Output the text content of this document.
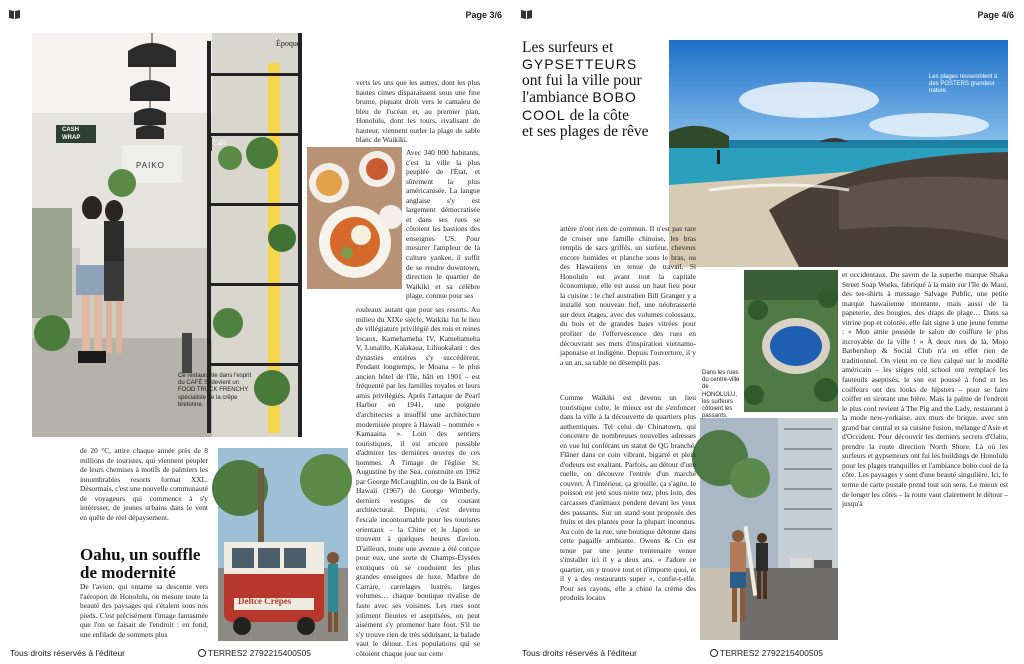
Page 3/6
CASH
WRAP
Café
PAIKO
Époque
Ce restaurante dans l'esprit du CAFÉ Sí devient un FOOD TRUCK FRENCHY spécialiste de la crêpe bretonne.
Deltce Crêpes

de 20 °C, attire chaque année près de 8 millions de touristes, qui viennent peupler de leurs chemises à motifs de palmiers les innombrables resorts format XXL. Désormais, c'est une nouvelle communauté de voyageurs qui commence à s'y intéresser, de jeunes urbains dans le vent en quête de réel dépaysement.

Oahu, un souffle de modernité

De l'avion, qui entame sa descente vers l'aéroport de Honolulu, on mesure toute la beauté des paysages qui s'étalent sous nos pieds. C'est précisément l'image fantasmée que l'on se faisait de l'endroit : en fond, une enfilade de sommets plus

verts les uns que les autres, dont les plus hautes cimes disparaissent sous une fine brume, piquant droit vers le camaïeu de bleu de l'océan et, au premier plan, Honolulu, dont les tours, rivalisant de hauteur, viennent ourler la plage de sable blanc de Waikiki.

Avec 340 000 habitants, c'est la ville la plus peuplée de l'État, et sûrement la plus américanisée. La langue anglaise s'y est largement démocratisée et dans ses rues se côtoient les bastions des enseignes US. Pour mesurer l'ampleur de la culture yankee, il suffit de se rendre downtown, direction le quartier de Waikiki et sa célèbre plage, connue pour ses

rouleaux autant que pour ses resorts. Au milieu du XIXe siècle, Waikiki fut le lieu de villégiature privilégié des rois et reines locaux, Kamehameha IV, Kamehameha V, Lunalilo, Kalakaua, Liliuokalani : des dynasties entières s'y succédèrent. Pendant longtemps, le Moana – le plus ancien hôtel de l'île, bâti en 1901 – est fréquenté par les familles royales et leurs amis privilégiés. Après l'attaque de Pearl Harbor en 1941, une poignée d'architectes a insufflé une architecture modernisée propre à Hawaii – nommée « Kamaaina ». Loin des sentiers touristiques, il est encore possible d'admirer les dernières œuvres de ces hommes. À l'image de l'église St. Augustine by the Sea, construite en 1962 par George McLaughlin, ou de la Bank of Hawaii (1967) de George Wimberly, derniers vestiges de ce courant architectural. Depuis, c'est devenu l'escale incontournable pour les touristes orientaux – la Chine et le Japon se trouvent à quelques heures d'avion. D'ailleurs, toute une avenue a été conçue pour eux, une sorte de Champs-Élysées exotiques où se coudoient les plus grandes enseignes de luxe. Marbre de Carrare, carrelages lustrés, larges volumes… chaque boutique rivalise de faste avec ses voisines. Les rues sont joliment fleuries et aseptisées, on peut aisément s'y promener hare foot. S'il ne s'y trouve rien de très séduisant, la balade vaut le détour. Les populations qui se côtoient chaque jour sur cette

Tous droits réservés à l'éditeur	TERRES2 2792215400505
Page 4/6
Les surfeurs et
GYPSETTEURS
ont fui la ville pour
l'ambiance BOBO
COOL de la côte
et ses plages de rêve
Les plages ressemblent à des POSTERS grandeur nature.
Dans les rues du centre-ville de HONOLULU, les surfeurs côtoient les passants.

artère n'ont rien de commun. Il n'est pas rare de croiser une famille chinoise, les bras remplis de sacs griffés, un surfeur, cheveux encore humides et planche sous le bras, ou des Hawaiiens en tenue de travail. Si Honolulu est avant tout la capitale économique, elle est aussi un haut lieu pour la cuisine : le chef australien Bill Granger y a installé son nouveau fief, une néobrasserie sur deux étages, avec des volumes colossaux, du bois et de grandes baies vitrées pour profiter de l'effervescence des rues en découvrant ses mets d'inspiration vietnamo-japonaise et indigène. Depuis l'ouverture, il y a un an, sa table ne désemplit pas.

Comme Waikiki est devenu un lieu touristique culte, le mieux est de s'enfoncer dans la ville à la découverte de quartiers plus authentiques. Tel celui de Chinatown, qui concentre de nombreuses nouvelles adresses en vue lui conférant un statut de QG branché. Flâner dans ce coin vibrant, bigarré et plein d'odeurs est exaltant. Parfois, au détour d'une ruelle, on découvre l'entrée d'un marché couvert. À l'intérieur, ça grouille, ça s'agite, le poisson est jeté sous notre nez, plus loin, des carcasses d'animaux pendent devant les yeux des passants. Sur un stand sont proposés des fruits et des plantes pour la plupart inconnus. Au coin de la rue, une boutique détonne dans cette pagaille ambiante. Owens & Co est tenue par une jeune trentenaire venue s'installer ici il y a deux ans. « J'adore ce quartier, on y trouve tout et n'importe quoi, et il y a des restaurants super », confie-t-elle. Pour ses rayons, elle a chiné la crème des produits locaux

et occidentaux. Du savon de la superbe marque Shaka Street Soap Works, fabriqué à la main sur l'île de Maui, des tee-shirts à message Salvage Public, une petite marque hawaiienne montante, mais aussi de la papeterie, des bougies, des draps de plage… Dans sa vitrine pop et colorée, elle fait signe à une jeune femme : « Mon amie possède le salon de coiffure le plus incroyable de la ville ! » À deux rues de là, Mojo Barbershop & Social Club n'a en effet rien de traditionnel. On vient en ce lieu calqué sur le modèle américain – les sièges old school ont remplacé les fauteuils aseptisés, le son est poussé à fond et les coiffeurs ont des looks de hipsters – pour se faire coiffer en sirotant une bière. Mais la palme de l'endroit le plus cool revient à The Pig and the Lady, restaurant à la mode new-yorkaise, aux murs de brique, avec son grand bar central et sa cuisine fusion, mélange d'Asie et d'Occident. Pour découvrir les derniers secrets d'Oahu, prendre la route direction North Shore. Là où les surfeurs et gypsetteurs ont fui les buildings de Honolulu pour les plages tranquilles et l'ambiance bobo cool de la côte. Les paysages y sont d'une beauté singulière. Ici, le terme de carte postale prend tout son sens. Le mieux est de longer les côtes – la route vaut clairement le détour – jusqu'à

Tous droits réservés à l'éditeur	TERRES2 2792215400505
